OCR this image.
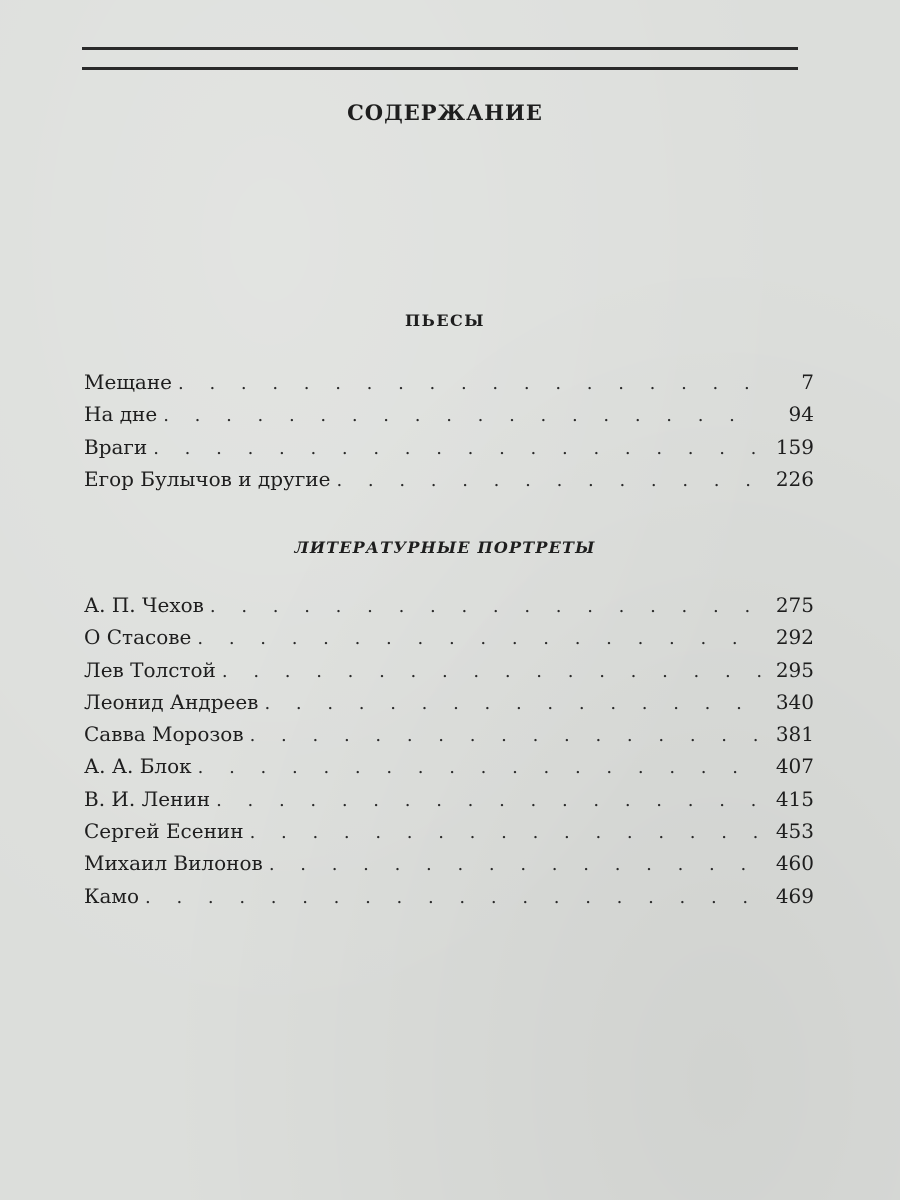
СОДЕРЖАНИЕ
ПЬЕСЫ
Мещане . . .	7
На дне . . .	94
Враги . . .	159
Егор Булычов и другие . . .	226
ЛИТЕРАТУРНЫЕ ПОРТРЕТЫ
А. П. Чехов . . .	275
О Стасове . . .	292
Лев Толстой . . .	295
Леонид Андреев . . .	340
Савва Морозов . . .	381
А. А. Блок . . .	407
В. И. Ленин . . .	415
Сергей Есенин . . .	453
Михаил Вилонов . . .	460
Камо . . .	469
